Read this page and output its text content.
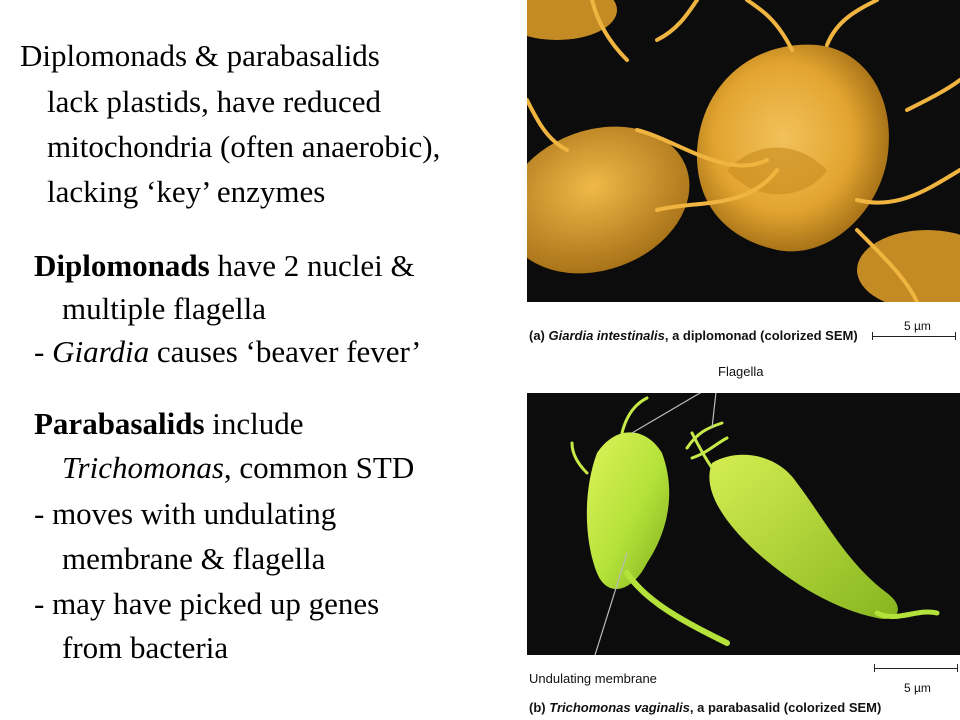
Diplomonads & parabasalids
lack plastids, have reduced
mitochondria (often anaerobic),
lacking ‘key’ enzymes
Diplomonads have 2 nuclei &
multiple flagella
- Giardia causes ‘beaver fever’
Parabasalids include
Trichomonas, common STD
- moves with undulating
membrane & flagella
- may have picked up genes
from bacteria
(a) Giardia intestinalis, a diplomonad (colorized SEM)
5 µm
Flagella
Undulating membrane
(b) Trichomonas vaginalis, a parabasalid (colorized SEM)
5 µm
